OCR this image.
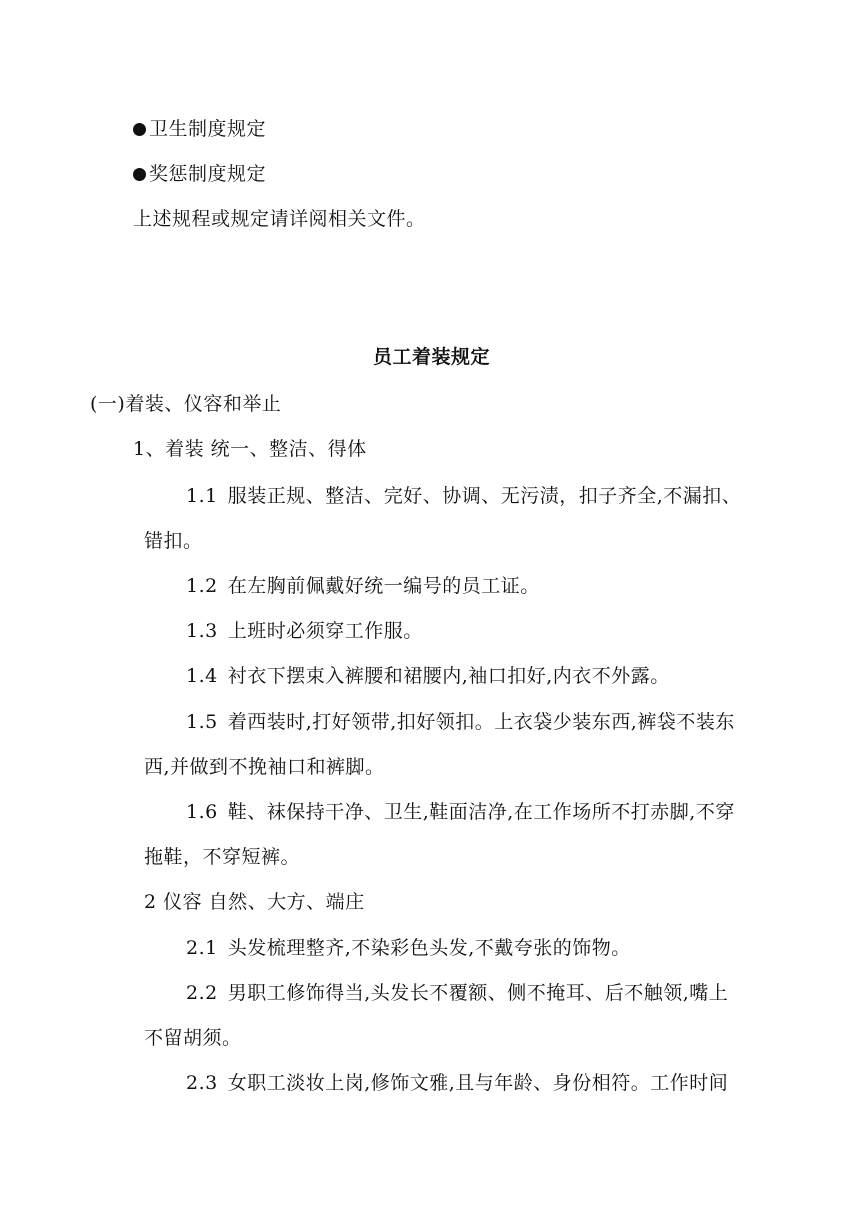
卫生制度规定
奖惩制度规定
上述规程或规定请详阅相关文件。
员工着装规定
(一)着装、仪容和举止
1、着装 统一、整洁、得体
1.1 服装正规、整洁、完好、协调、无污渍，扣子齐全,不漏扣、
错扣。
1.2 在左胸前佩戴好统一编号的员工证。
1.3 上班时必须穿工作服。
1.4 衬衣下摆束入裤腰和裙腰内,袖口扣好,内衣不外露。
1.5 着西装时,打好领带,扣好领扣。上衣袋少装东西,裤袋不装东
西,并做到不挽袖口和裤脚。
1.6 鞋、袜保持干净、卫生,鞋面洁净,在工作场所不打赤脚,不穿
拖鞋，不穿短裤。
2 仪容 自然、大方、端庄
2.1 头发梳理整齐,不染彩色头发,不戴夸张的饰物。
2.2 男职工修饰得当,头发长不覆额、侧不掩耳、后不触领,嘴上
不留胡须。
2.3 女职工淡妆上岗,修饰文雅,且与年龄、身份相符。工作时间
